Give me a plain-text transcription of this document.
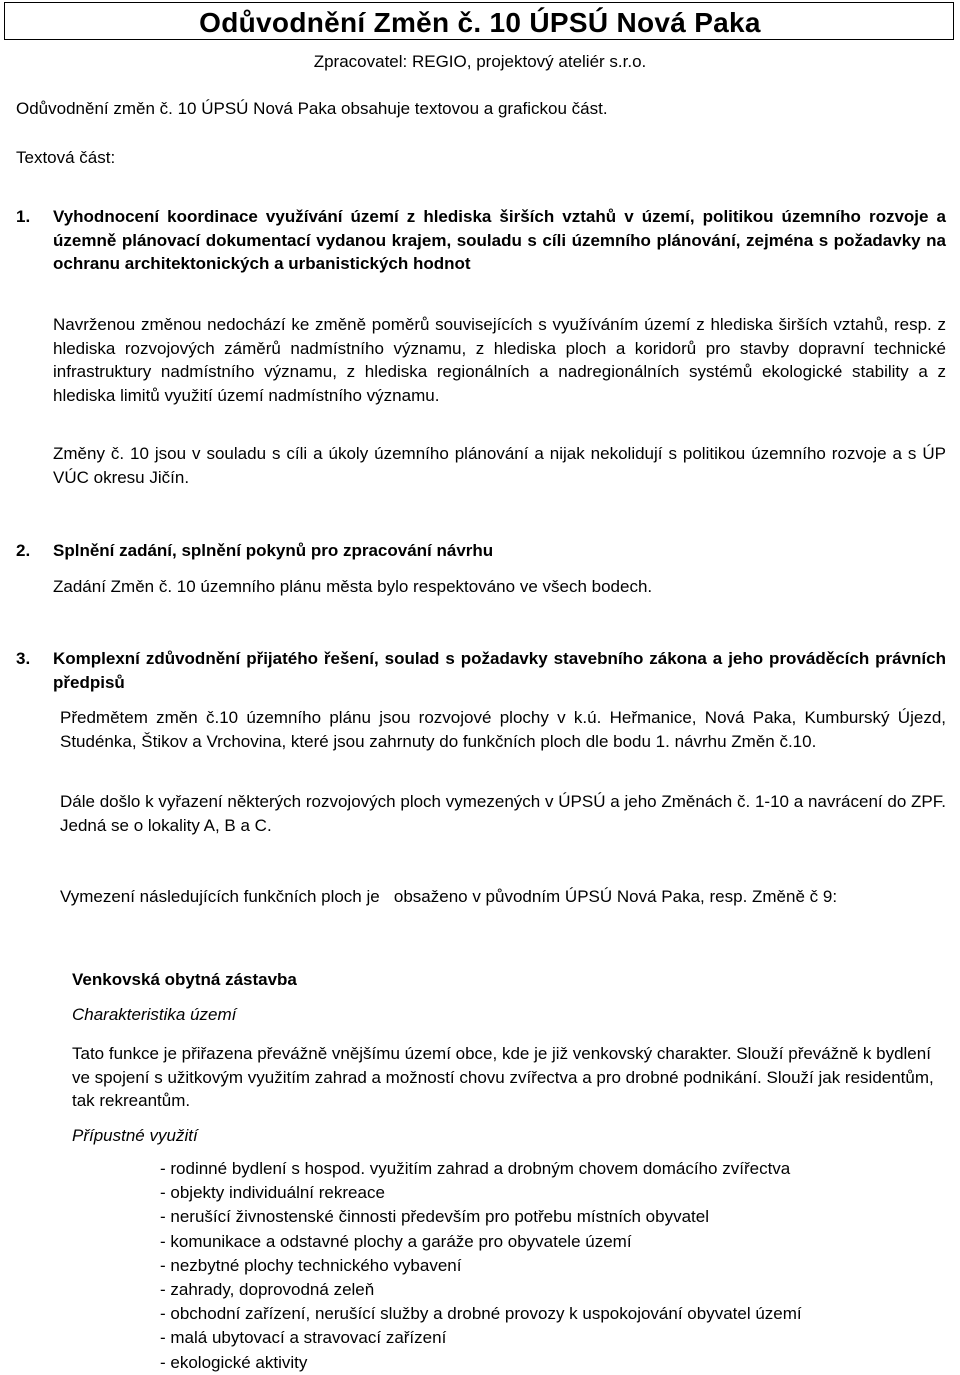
Odůvodnění Změn č. 10 ÚPSÚ Nová Paka

Zpracovatel: REGIO, projektový ateliér s.r.o.

Odůvodnění změn č. 10 ÚPSÚ Nová Paka obsahuje textovou a grafickou část.

Textová část:

1. Vyhodnocení koordinace využívání území z hlediska širších vztahů v území, politikou územního rozvoje a územně plánovací dokumentací vydanou krajem, souladu s cíli územního plánování, zejména s požadavky na ochranu architektonických a urbanistických hodnot

Navrženou změnou nedochází ke změně poměrů souvisejících s využíváním území z hlediska širších vztahů, resp. z hlediska rozvojových záměrů nadmístního významu, z hlediska ploch a koridorů pro stavby dopravní technické infrastruktury nadmístního významu, z hlediska regionálních a nadregionálních systémů ekologické stability a z hlediska limitů využití území nadmístního významu.

Změny č. 10 jsou v souladu s cíli a úkoly územního plánování a nijak nekolidují s politikou územního rozvoje a s ÚP VÚC okresu Jičín.

2. Splnění zadání, splnění pokynů pro zpracování návrhu

Zadání Změn č. 10 územního plánu města bylo respektováno ve všech bodech.

3. Komplexní zdůvodnění přijatého řešení, soulad s požadavky stavebního zákona a jeho prováděcích právních předpisů

Předmětem změn č.10 územního plánu jsou rozvojové plochy v k.ú. Heřmanice, Nová Paka, Kumburský Újezd, Studénka, Štikov a Vrchovina, které jsou zahrnuty do funkčních ploch dle bodu 1. návrhu Změn č.10.

Dále došlo k vyřazení některých rozvojových ploch vymezených v ÚPSÚ a jeho Změnách č. 1-10 a navrácení do ZPF. Jedná se o lokality A, B a C.

Vymezení následujících funkčních ploch je   obsaženo v původním ÚPSÚ Nová Paka, resp. Změně č 9:

Venkovská obytná zástavba

Charakteristika území

Tato funkce je přiřazena převážně vnějšímu území obce, kde je již venkovský charakter. Slouží převážně k bydlení ve spojení s užitkovým využitím zahrad a možností chovu zvířectva a pro drobné podnikání. Slouží jak residentům, tak rekreantům.

Přípustné využití

- rodinné bydlení s hospod. využitím zahrad a drobným chovem domácího zvířectva
- objekty individuální rekreace
- nerušící živnostenské činnosti především pro potřebu místních obyvatel
- komunikace a odstavné plochy a garáže pro obyvatele území
- nezbytné plochy technického vybavení
- zahrady, doprovodná zeleň
- obchodní zařízení, nerušící služby a drobné provozy k uspokojování obyvatel území
- malá ubytovací a stravovací zařízení
- ekologické aktivity
